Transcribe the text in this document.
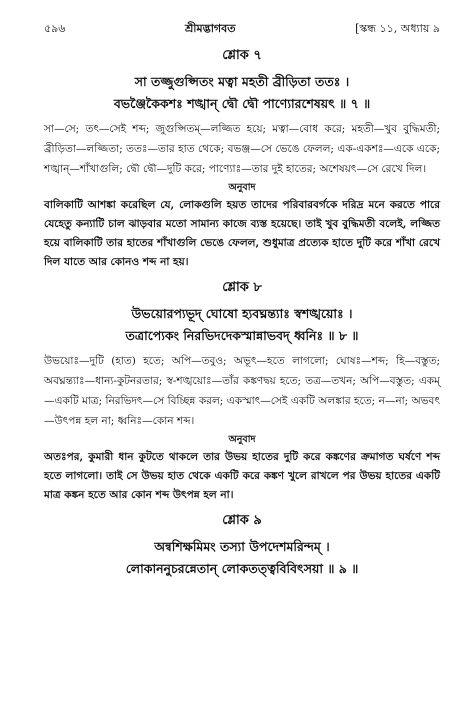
৫৯৬	শ্রীমদ্ভাগবত	[স্কন্ধ ১১, অধ্যায় ৯
শ্লোক ৭
সা তজ্জুগুপ্সিতং মত্বা মহতী ব্রীড়িতা ততঃ ।
বভঞ্জৈকৈকশঃ শঙ্খান্ দ্বৌ দ্বৌ পাণ্যোরশেষয়ৎ ॥ ৭ ॥
সা—সে; তৎ—সেই শব্দ; জুগুপ্সিতম্—লজ্জিত হয়ে; মত্বা—বোধ করে; মহতী—খুব বুদ্ধিমতী; ব্রীড়িতা—লজ্জিতা; ততঃ—তার হাত থেকে; বভঞ্জ—সে ভেঙে ফেলল; এক-একশঃ—একে একে; শঙ্খান্—শাঁখাগুলি; দ্বৌ দ্বৌ—দুটি করে; পাণ্যোঃ—তার দুই হাতের; অশেষয়ৎ—সে রেখে দিল।
অনুবাদ
বালিকাটি আশঙ্কা করেছিল যে, লোকগুলি হয়ত তাদের পরিবারবর্গকে দরিদ্র মনে করতে পারে যেহেতু কন্যাটি চাল ঝাড়বার মতো সামান্য কাজে ব্যস্ত হয়েছে। তাই খুব বুদ্ধিমতী বলেই, লজ্জিত হয়ে বালিকাটি তার হাতের শাঁখাগুলি ভেঙে ফেলল, শুধুমাত্র প্রত্যেক হাতে দুটি করে শাঁখা রেখে দিল যাতে আর কোনও শব্দ না হয়।
শ্লোক ৮
উভয়োরপ্যভূদ্ ঘোষো হ্যবঘ্নন্ত্যাঃ স্বশঙ্খয়োঃ ।
তত্রাপ্যেকং নিরভিদদেকস্মান্নাভবদ্ ধ্বনিঃ ॥ ৮ ॥
উভয়োঃ—দুটি (হাত) হতে; অপি—তবুও; অভূৎ—হতে লাগলো; ঘোষঃ—শব্দ; হি—বস্তুত; অবঘ্নন্ত্যাঃ—ধান্য-কুটনরতার; স্ব-শঙ্খয়োঃ—তাঁর কঙ্কণদ্বয় হতে; তত্র—তখন; অপি—বস্তুত; একম্—একটি মাত্র; নিরভিদৎ—সে বিচ্ছিন্ন করল; একস্মাৎ—সেই একটি অলঙ্কার হতে; ন—না; অভবৎ—উৎপন্ন হল না; ধ্বনিঃ—কোন শব্দ।
অনুবাদ
অতঃপর, কুমারী ধান কুটতে থাকলে তার উভয় হাতের দুটি করে কঙ্কণের ক্রমাগত ঘর্ষণে শব্দ হতে লাগলো। তাই সে উভয় হাত থেকে একটি করে কঙ্কণ খুলে রাখলে পর উভয় হাতের একটি মাত্র কঙ্কন হতে আর কোন শব্দ উৎপন্ন হল না।
শ্লোক ৯
অন্বশিক্ষমিমং তস্যা উপদেশমরিন্দম্ ।
লোকাননুচরন্নেতান্ লোকতত্ত্ববিবিৎসয়া ॥ ৯ ॥
